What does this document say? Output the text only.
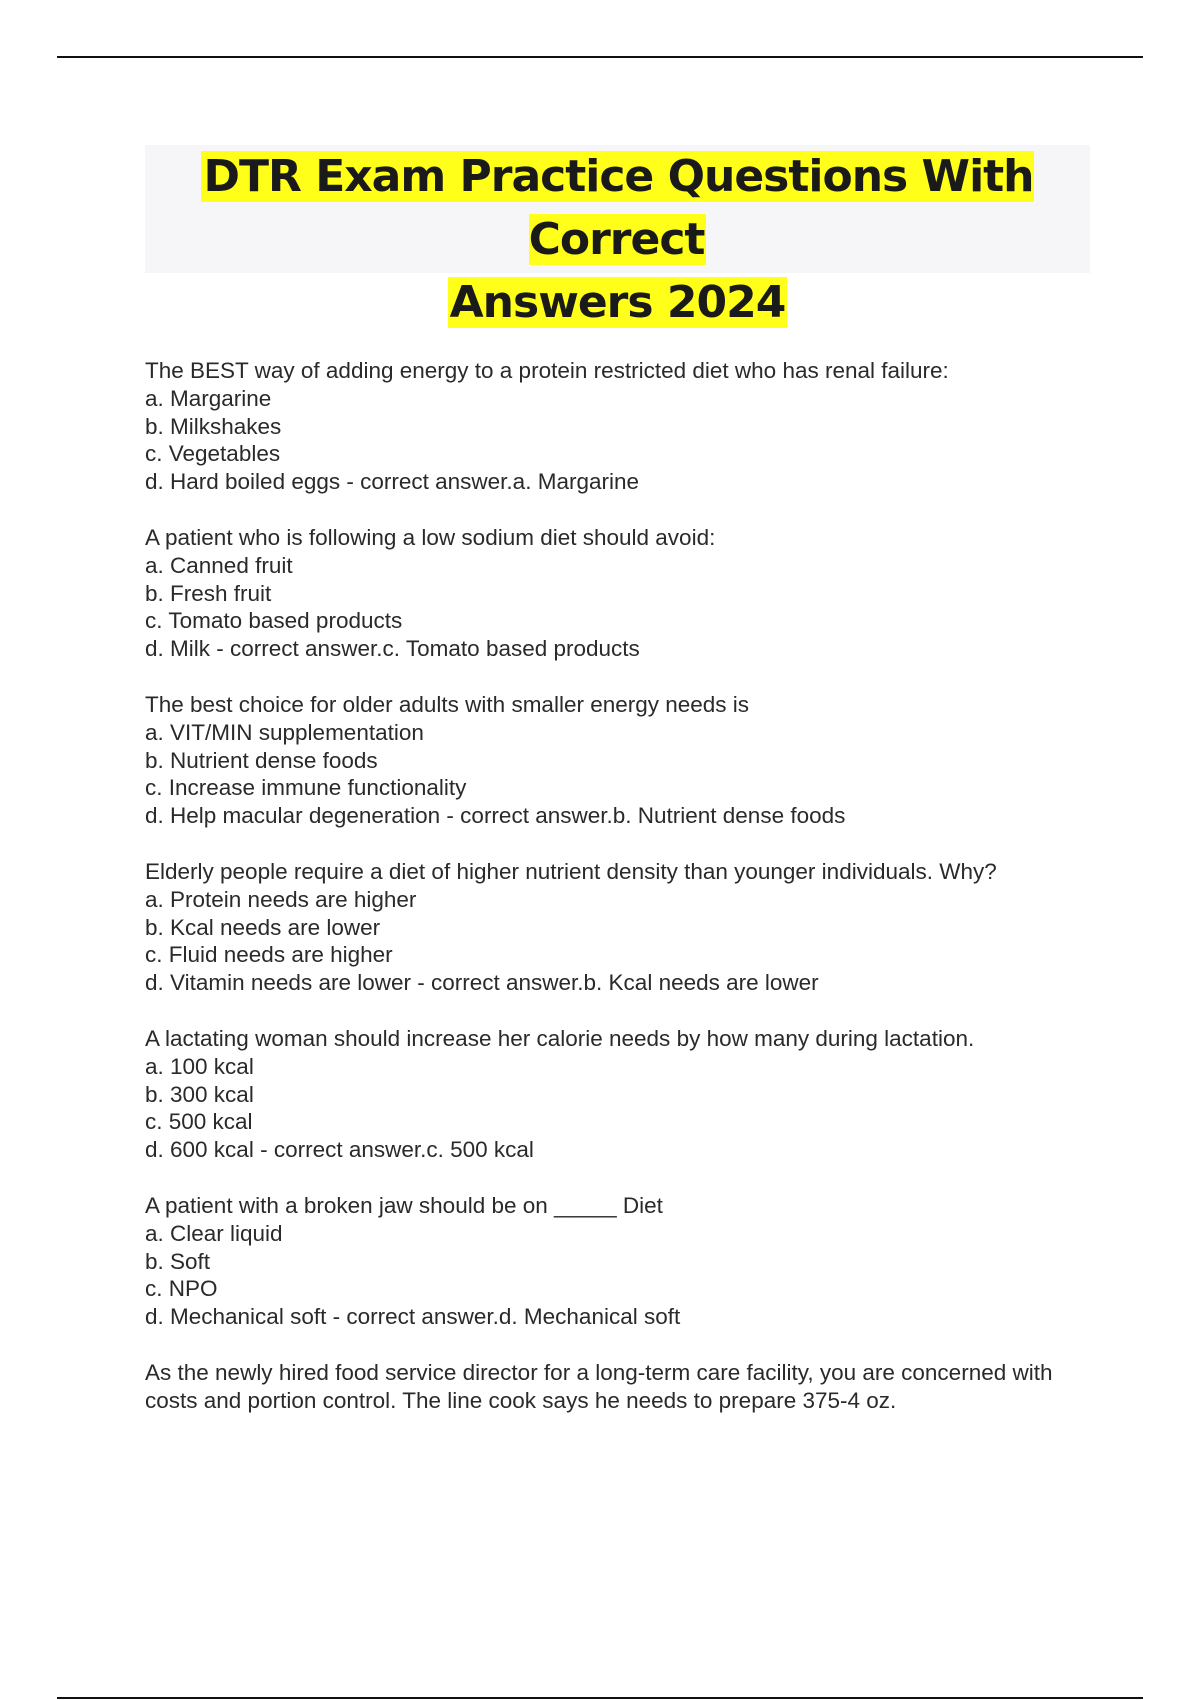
DTR Exam Practice Questions With Correct
Answers 2024
The BEST way of adding energy to a protein restricted diet who has renal failure:
a. Margarine
b. Milkshakes
c. Vegetables
d. Hard boiled eggs - correct answer.a. Margarine
A patient who is following a low sodium diet should avoid:
a. Canned fruit
b. Fresh fruit
c. Tomato based products
d. Milk - correct answer.c. Tomato based products
The best choice for older adults with smaller energy needs is
a. VIT/MIN supplementation
b. Nutrient dense foods
c. Increase immune functionality
d. Help macular degeneration - correct answer.b. Nutrient dense foods
Elderly people require a diet of higher nutrient density than younger individuals. Why?
a. Protein needs are higher
b. Kcal needs are lower
c. Fluid needs are higher
d. Vitamin needs are lower - correct answer.b. Kcal needs are lower
A lactating woman should increase her calorie needs by how many during lactation.
a. 100 kcal
b. 300 kcal
c. 500 kcal
d. 600 kcal - correct answer.c. 500 kcal
A patient with a broken jaw should be on _____ Diet
a. Clear liquid
b. Soft
c. NPO
d. Mechanical soft - correct answer.d. Mechanical soft
As the newly hired food service director for a long-term care facility, you are concerned with costs and portion control. The line cook says he needs to prepare 375-4 oz.
